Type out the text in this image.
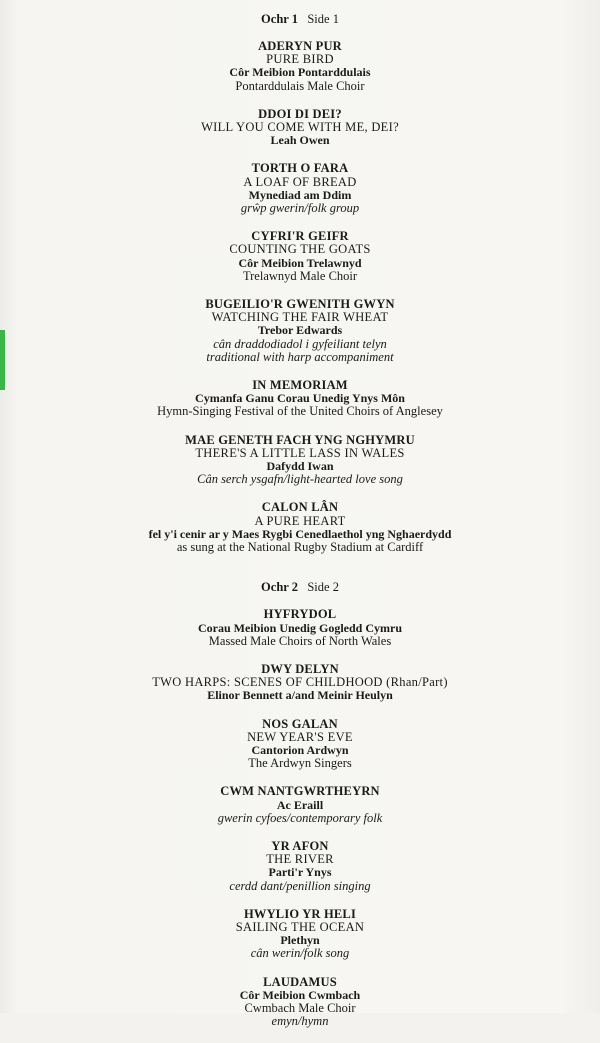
Ochr 1 Side 1
ADERYN PUR
PURE BIRD
Côr Meibion Pontarddulais
Pontarddulais Male Choir
DDOI DI DEI?
WILL YOU COME WITH ME, DEI?
Leah Owen
TORTH O FARA
A LOAF OF BREAD
Mynediad am Ddim
grŵp gwerin/folk group
CYFRI'R GEIFR
COUNTING THE GOATS
Côr Meibion Trelawnyd
Trelawnyd Male Choir
BUGEILIO'R GWENITH GWYN
WATCHING THE FAIR WHEAT
Trebor Edwards
cân draddodiadol i gyfeiliant telyn
traditional with harp accompaniment
IN MEMORIAM
Cymanfa Ganu Corau Unedig Ynys Môn
Hymn-Singing Festival of the United Choirs of Anglesey
MAE GENETH FACH YNG NGHYMRU
THERE'S A LITTLE LASS IN WALES
Dafydd Iwan
Cân serch ysgafn/light-hearted love song
CALON LÂN
A PURE HEART
fel y'i cenir ar y Maes Rygbi Cenedlaethol yng Nghaerdydd
as sung at the National Rugby Stadium at Cardiff
Ochr 2 Side 2
HYFRYDOL
Corau Meibion Unedig Gogledd Cymru
Massed Male Choirs of North Wales
DWY DELYN
TWO HARPS: SCENES OF CHILDHOOD (Rhan/Part)
Elinor Bennett a/and Meinir Heulyn
NOS GALAN
NEW YEAR'S EVE
Cantorion Ardwyn
The Ardwyn Singers
CWM NANTGWRTHEYRN
Ac Eraill
gwerin cyfoes/contemporary folk
YR AFON
THE RIVER
Parti'r Ynys
cerdd dant/penillion singing
HWYLIO YR HELI
SAILING THE OCEAN
Plethyn
cân werin/folk song
LAUDAMUS
Côr Meibion Cwmbach
Cwmbach Male Choir
emyn/hymn
